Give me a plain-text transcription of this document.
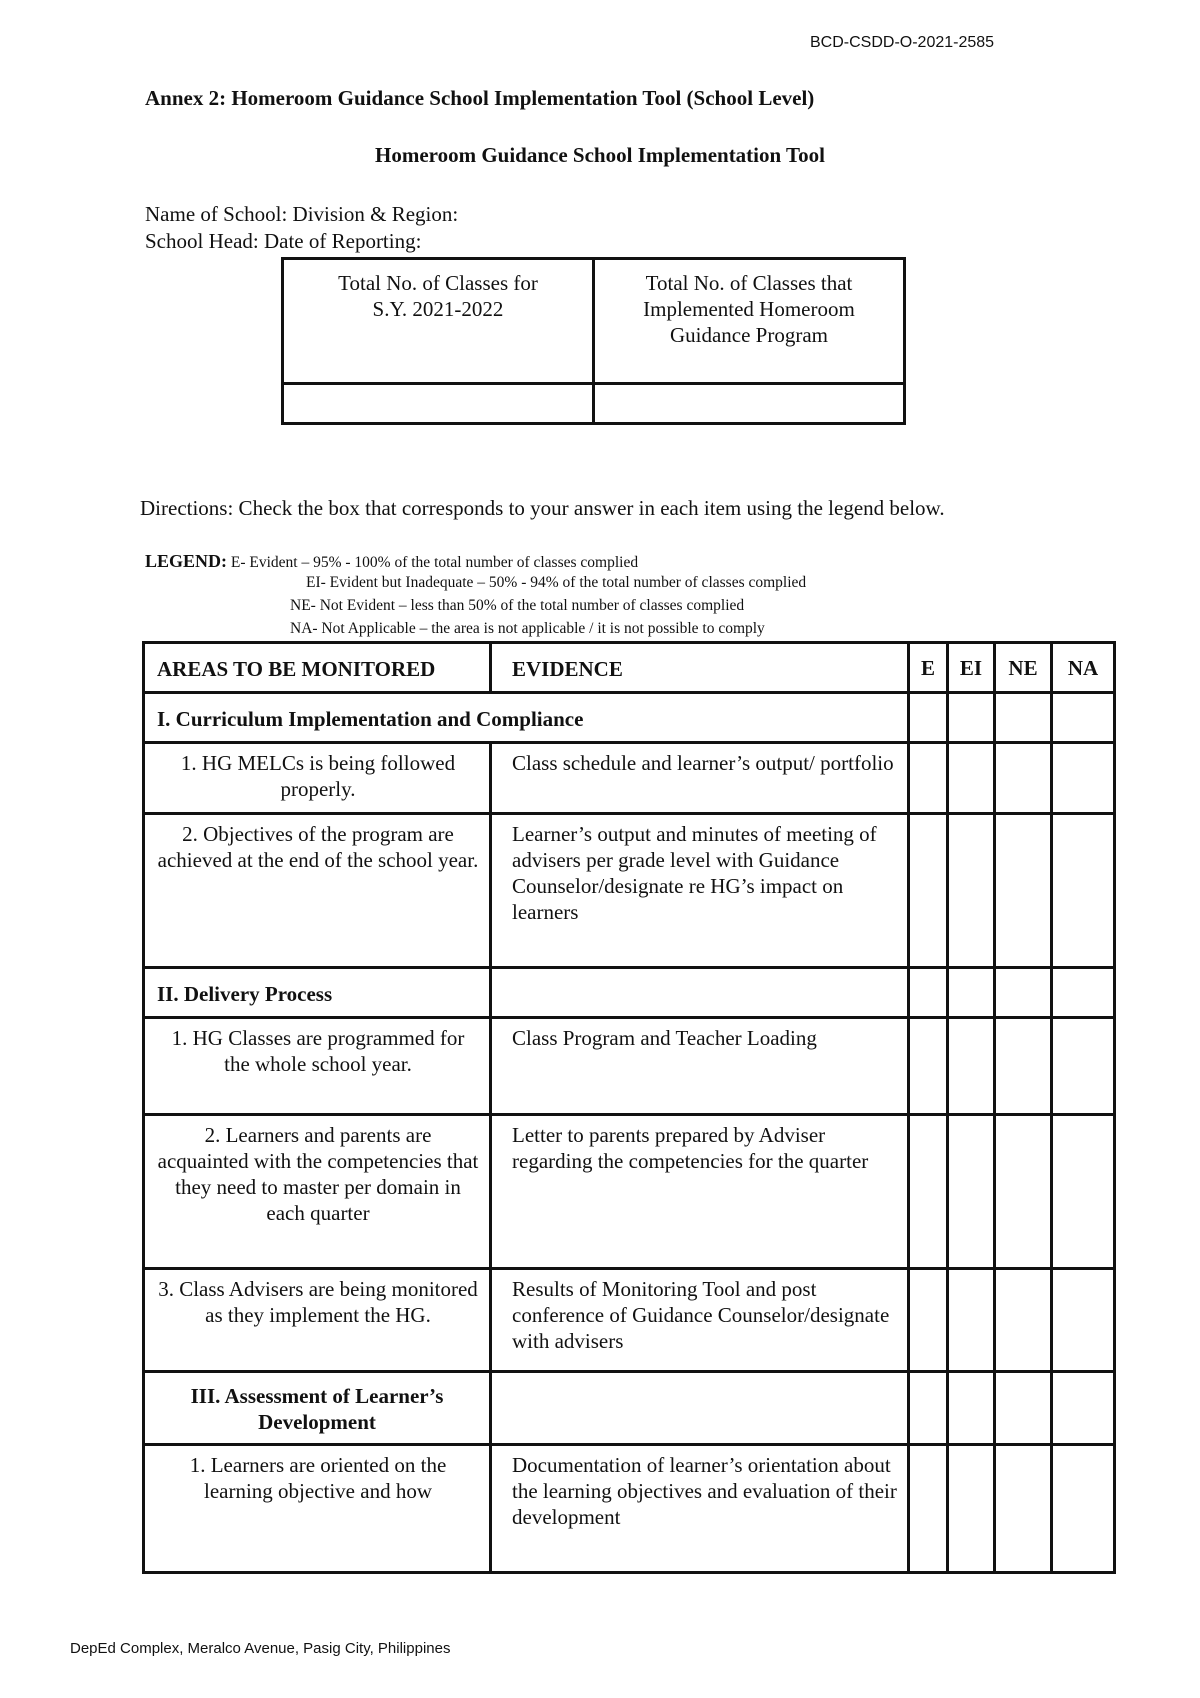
BCD-CSDD-O-2021-2585
Annex 2: Homeroom Guidance School Implementation Tool (School Level)
Homeroom Guidance School Implementation Tool
Name of School: Division & Region:
School Head: Date of Reporting:
Total No. of Classes for S.Y. 2021-2022	Total No. of Classes that Implemented Homeroom Guidance Program

Directions: Check the box that corresponds to your answer in each item using the legend below.
LEGEND: E- Evident – 95% - 100% of the total number of classes complied
EI- Evident but Inadequate – 50% - 94% of the total number of classes complied
NE- Not Evident – less than 50% of the total number of classes complied
NA- Not Applicable – the area is not applicable / it is not possible to comply
AREAS TO BE MONITORED	EVIDENCE	E	EI	NE	NA
I. Curriculum Implementation and Compliance					
1. HG MELCs is being followed properly.	Class schedule and learner’s output/ portfolio				
2. Objectives of the program are achieved at the end of the school year.	Learner’s output and minutes of meeting of advisers per grade level with Guidance Counselor/designate re HG’s impact on learners				
II. Delivery Process					
1. HG Classes are programmed for the whole school year.	Class Program and Teacher Loading				
2. Learners and parents are acquainted with the competencies that they need to master per domain in each quarter	Letter to parents prepared by Adviser regarding the competencies for the quarter				
3. Class Advisers are being monitored as they implement the HG.	Results of Monitoring Tool and post conference of Guidance Counselor/designate with advisers				
III. Assessment of Learner’s Development					
1. Learners are oriented on the learning objective and how	Documentation of learner’s orientation about the learning objectives and evaluation of their development				
DepEd Complex, Meralco Avenue, Pasig City, Philippines
